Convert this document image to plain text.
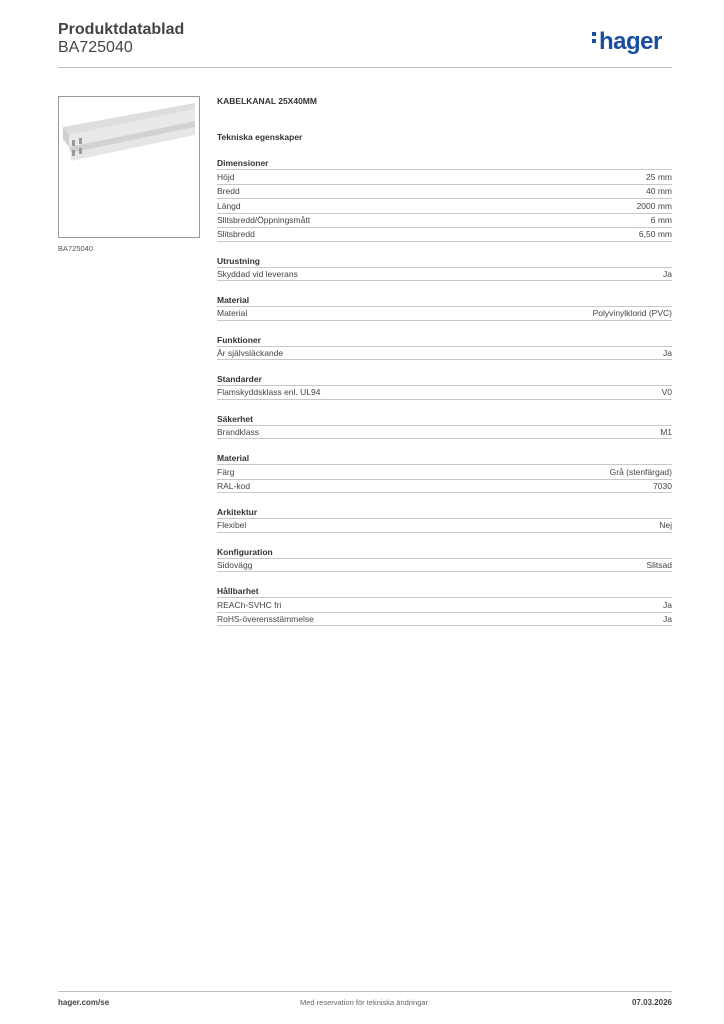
Produktdatablad
BA725040	hager
BA725040
KABELKANAL 25X40MM
Tekniska egenskaper
Dimensioner
Höjd	25 mm
Bredd	40 mm
Längd	2000 mm
Slitsbredd/Öppningsmått	6 mm
Slitsbredd	6,50 mm
Utrustning
Skyddad vid leverans	Ja
Material
Material	Polyvinylklorid (PVC)
Funktioner
Är självsläckande	Ja
Standarder
Flamskyddsklass enl. UL94	V0
Säkerhet
Brandklass	M1
Material
Färg	Grå (stenfärgad)
RAL-kod	7030
Arkitektur
Flexibel	Nej
Konfiguration
Sidovägg	Slitsad
Hållbarhet
REACh-SVHC fri	Ja
RoHS-överensstämmelse	Ja
hager.com/se	Med reservation för tekniska ändringar	07.03.2026
